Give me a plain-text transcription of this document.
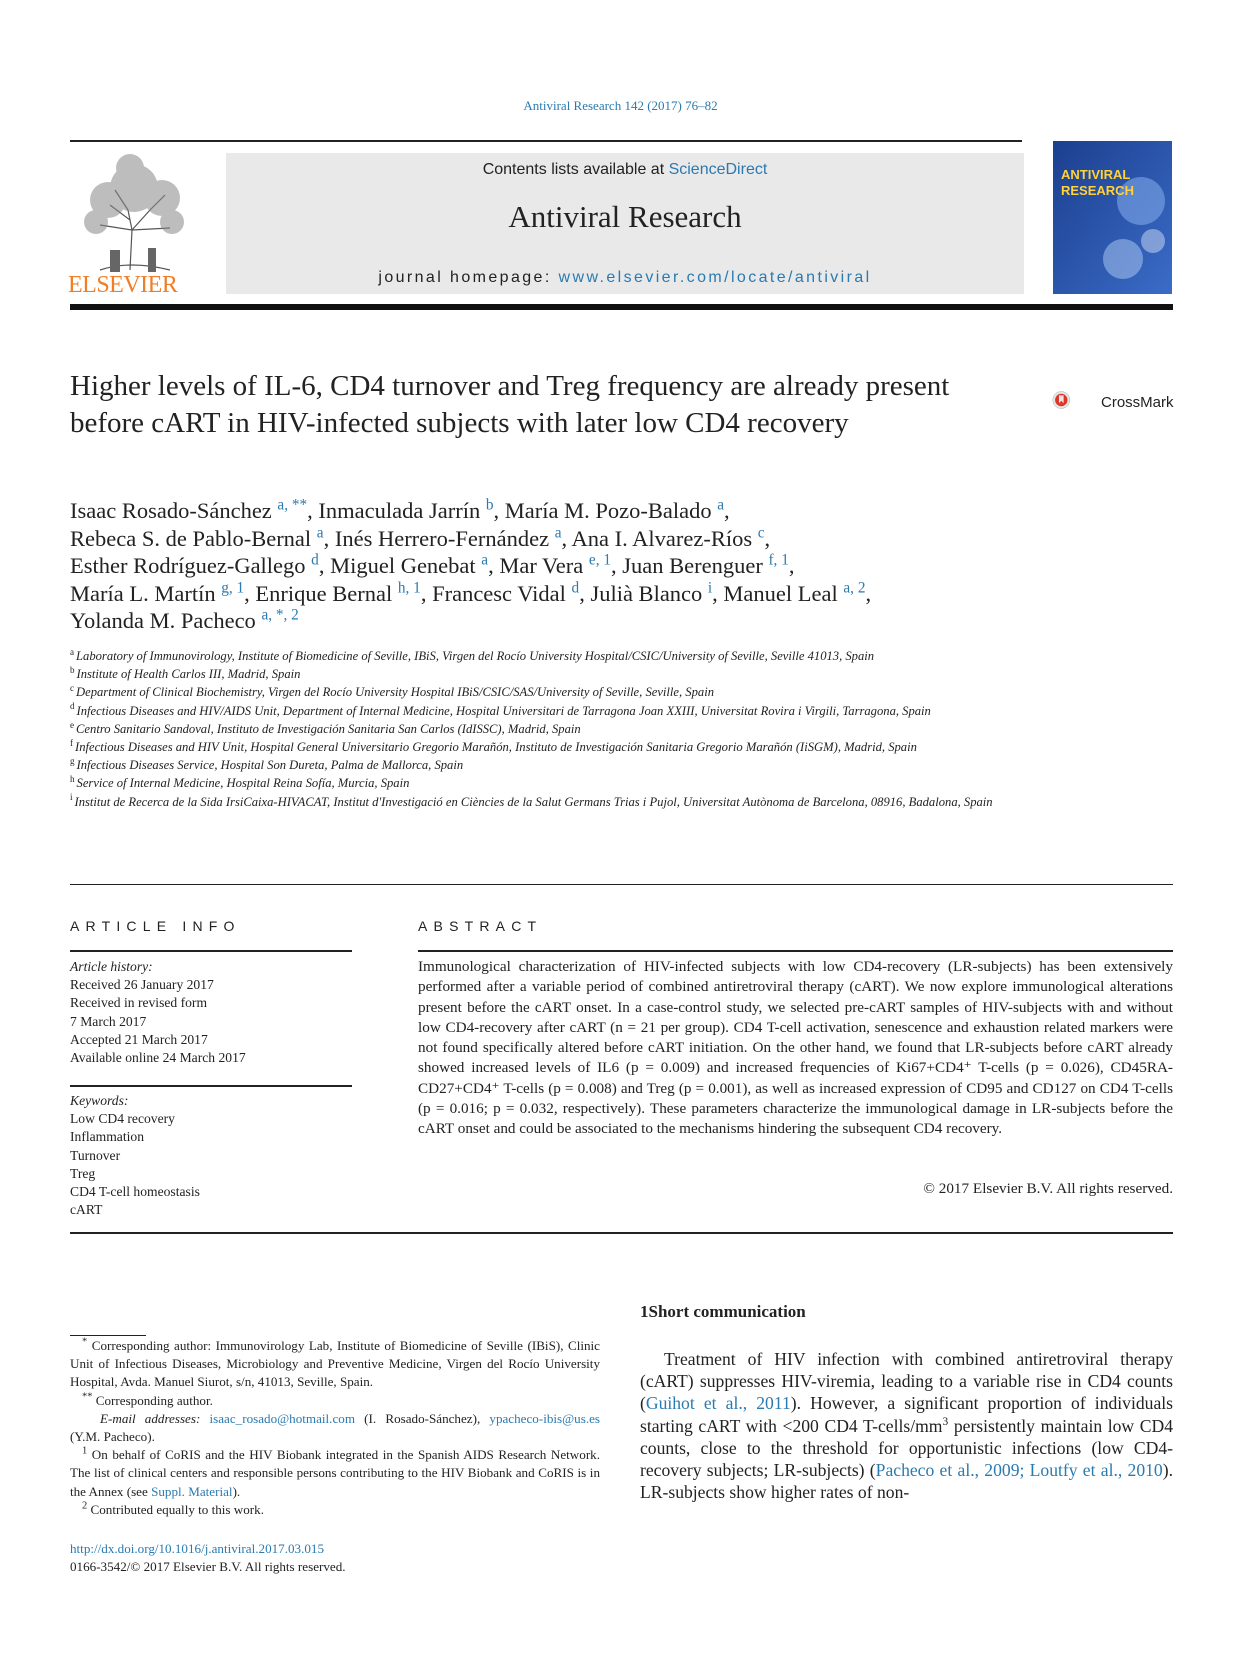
Antiviral Research 142 (2017) 76–82
ELSEVIER
Contents lists available at ScienceDirect
Antiviral Research
journal homepage: www.elsevier.com/locate/antiviral
ANTIVIRAL
RESEARCH
Higher levels of IL-6, CD4 turnover and Treg frequency are already present before cART in HIV-infected subjects with later low CD4 recovery
CrossMark
Isaac Rosado-Sánchez $^{a, **}$, Inmaculada Jarrín $^b$, María M. Pozo-Balado $^a$,
Rebeca S. de Pablo-Bernal $^a$, Inés Herrero-Fernández $^a$, Ana I. Alvarez-Ríos $^c$,
Esther Rodríguez-Gallego $^d$, Miguel Genebat $^a$, Mar Vera $^{e, 1}$, Juan Berenguer $^{f, 1}$,
María L. Martín $^{g, 1}$, Enrique Bernal $^{h, 1}$, Francesc Vidal $^d$, Julià Blanco $^i$, Manuel Leal $^{a, 2}$,
Yolanda M. Pacheco $^{a, *, 2}$
$^a$ Laboratory of Immunovirology, Institute of Biomedicine of Seville, IBiS, Virgen del Rocío University Hospital/CSIC/University of Seville, Seville 41013, Spain
$^b$ Institute of Health Carlos III, Madrid, Spain
$^c$ Department of Clinical Biochemistry, Virgen del Rocío University Hospital IBiS/CSIC/SAS/University of Seville, Seville, Spain
$^d$ Infectious Diseases and HIV/AIDS Unit, Department of Internal Medicine, Hospital Universitari de Tarragona Joan XXIII, Universitat Rovira i Virgili, Tarragona, Spain
$^e$ Centro Sanitario Sandoval, Instituto de Investigación Sanitaria San Carlos (IdISSC), Madrid, Spain
$^f$ Infectious Diseases and HIV Unit, Hospital General Universitario Gregorio Marañón, Instituto de Investigación Sanitaria Gregorio Marañón (IiSGM), Madrid, Spain
$^g$ Infectious Diseases Service, Hospital Son Dureta, Palma de Mallorca, Spain
$^h$ Service of Internal Medicine, Hospital Reina Sofía, Murcia, Spain
$^i$ Institut de Recerca de la Sida IrsiCaixa-HIVACAT, Institut d'Investigació en Ciències de la Salut Germans Trias i Pujol, Universitat Autònoma de Barcelona, 08916, Badalona, Spain
ARTICLE INFO	ABSTRACT
Article history:
Received 26 January 2017
Received in revised form
7 March 2017
Accepted 21 March 2017
Available online 24 March 2017
Keywords:
Low CD4 recovery
Inflammation
Turnover
Treg
CD4 T-cell homeostasis
cART
Immunological characterization of HIV-infected subjects with low CD4-recovery (LR-subjects) has been extensively performed after a variable period of combined antiretroviral therapy (cART). We now explore immunological alterations present before the cART onset. In a case-control study, we selected pre-cART samples of HIV-subjects with and without low CD4-recovery after cART (n = 21 per group). CD4 T-cell activation, senescence and exhaustion related markers were not found specifically altered before cART initiation. On the other hand, we found that LR-subjects before cART already showed increased levels of IL6 (p = 0.009) and increased frequencies of Ki67+CD4⁺ T-cells (p = 0.026), CD45RA-CD27+CD4⁺ T-cells (p = 0.008) and Treg (p = 0.001), as well as increased expression of CD95 and CD127 on CD4 T-cells (p = 0.016; p = 0.032, respectively). These parameters characterize the immunological damage in LR-subjects before the cART onset and could be associated to the mechanisms hindering the subsequent CD4 recovery.
© 2017 Elsevier B.V. All rights reserved.
* Corresponding author: Immunovirology Lab, Institute of Biomedicine of Seville (IBiS), Clinic Unit of Infectious Diseases, Microbiology and Preventive Medicine, Virgen del Rocío University Hospital, Avda. Manuel Siurot, s/n, 41013, Seville, Spain.
** Corresponding author.
E-mail addresses: isaac_rosado@hotmail.com (I. Rosado-Sánchez), ypacheco-ibis@us.es (Y.M. Pacheco).
$^1$ On behalf of CoRIS and the HIV Biobank integrated in the Spanish AIDS Research Network. The list of clinical centers and responsible persons contributing to the HIV Biobank and CoRIS is in the Annex (see Suppl. Material).
$^2$ Contributed equally to this work.
http://dx.doi.org/10.1016/j.antiviral.2017.03.015
0166-3542/© 2017 Elsevier B.V. All rights reserved.
1Short communication
Treatment of HIV infection with combined antiretroviral therapy (cART) suppresses HIV-viremia, leading to a variable rise in CD4 counts (Guihot et al., 2011). However, a significant proportion of individuals starting cART with <200 CD4 $T-cells/mm^3$ persistently maintain low CD4 counts, close to the threshold for opportunistic infections (low CD4-recovery subjects; LR-subjects) (Pacheco et al., 2009; Loutfy et al., 2010). LR-subjects show higher rates of non-
